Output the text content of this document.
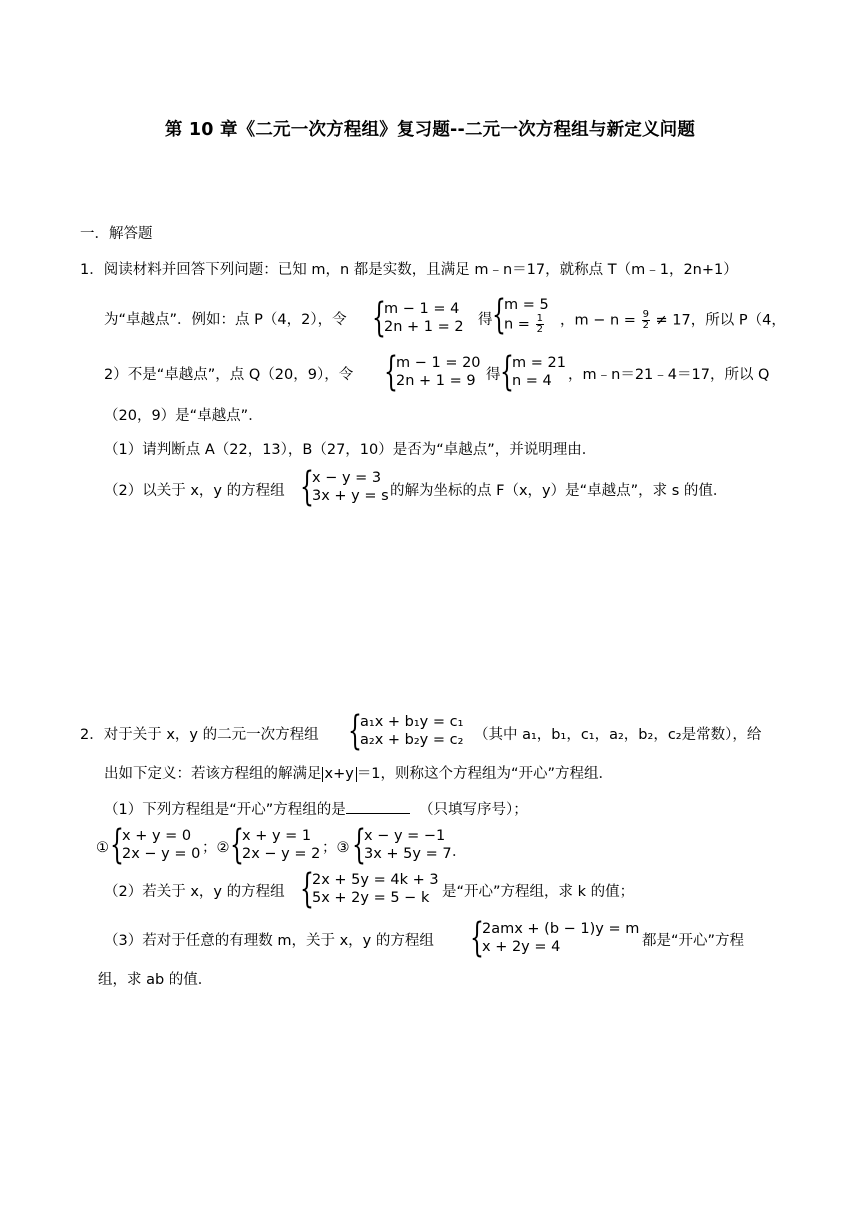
第 10 章《二元一次方程组》复习题--二元一次方程组与新定义问题
一．解答题
1．阅读材料并回答下列问题：已知 m，n 都是实数，且满足 m﹣n＝17，就称点 T（m﹣1，2n+1）
为“卓越点”．例如：点 P（4，2），令 {
m − 1 = 4
2n + 1 = 2 得 {
m = 5
$n = \frac{1}{2}$ ，$m - n = \frac{9}{2} \ne 17$，所以 P（4，
2）不是“卓越点”，点 Q（20，9），令 {
m − 1 = 20
2n + 1 = 9 得 {
m = 21
n = 4	，m﹣n＝21﹣4＝17，所以 Q
（20，9）是“卓越点”．
（1）请判断点 A（22，13），B（27，10）是否为“卓越点”，并说明理由．
（2）以关于 x，y 的方程组 {
x − y = 3
3x + y = s 的解为坐标的点 F（x，y）是“卓越点”，求 s 的值．
2．对于关于 x，y 的二元一次方程组 {
a₁x + b₁y = c₁
a₂x + b₂y = c₂ （其中 a₁，b₁，c₁，a₂，b₂，c₂是常数），给
出如下定义：若该方程组的解满足 x+y ＝1，则称这个方程组为“开心”方程组．
（1）下列方程组是“开心”方程组的是	（只填写序号）；
① {
x + y = 0
2x − y = 0 ；② {
x + y = 1
2x − y = 2 ；③ {
x − y = −1
3x + 5y = 7 ．
（2）若关于 x，y 的方程组 {
2x + 5y = 4k + 3
5x + 2y = 5 − k 是“开心”方程组，求 k 的值；
（3）若对于任意的有理数 m，关于 x，y 的方程组 {
2amx + (b − 1)y = m
x + 2y = 4	都是“开心”方程
组，求 ab 的值．
